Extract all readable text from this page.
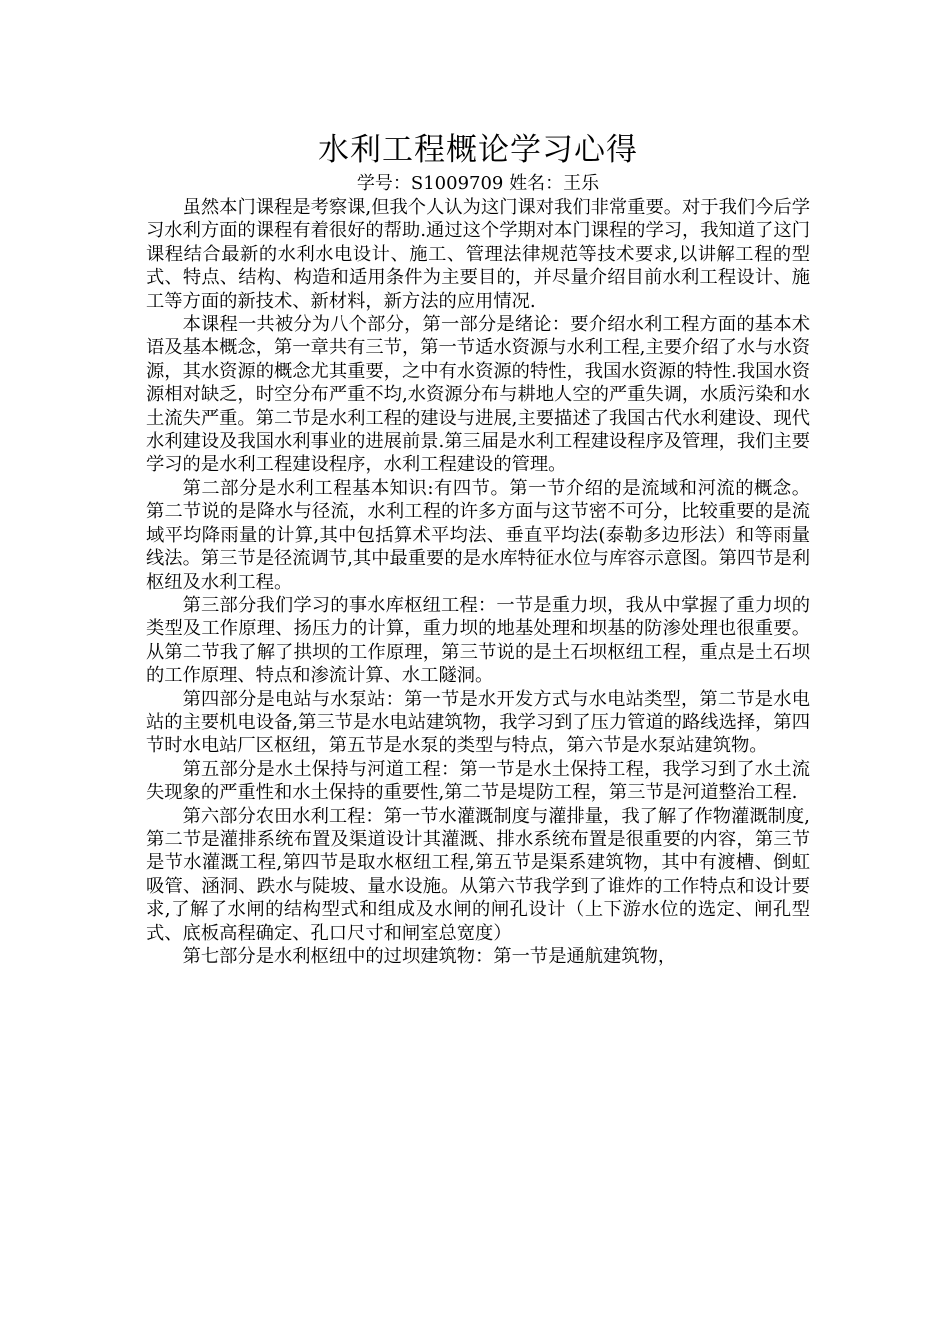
水利工程概论学习心得

学号：S1009709 姓名：王乐

虽然本门课程是考察课,但我个人认为这门课对我们非常重要。对于我们今后学习水利方面的课程有着很好的帮助.通过这个学期对本门课程的学习，我知道了这门课程结合最新的水利水电设计、施工、管理法律规范等技术要求,以讲解工程的型式、特点、结构、构造和适用条件为主要目的，并尽量介绍目前水利工程设计、施工等方面的新技术、新材料，新方法的应用情况.

本课程一共被分为八个部分，第一部分是绪论：要介绍水利工程方面的基本术语及基本概念，第一章共有三节，第一节适水资源与水利工程,主要介绍了水与水资源，其水资源的概念尤其重要，之中有水资源的特性，我国水资源的特性.我国水资源相对缺乏，时空分布严重不均,水资源分布与耕地人空的严重失调，水质污染和水土流失严重。第二节是水利工程的建设与进展,主要描述了我国古代水利建设、现代水利建设及我国水利事业的进展前景.第三届是水利工程建设程序及管理，我们主要学习的是水利工程建设程序，水利工程建设的管理。

第二部分是水利工程基本知识:有四节。第一节介绍的是流域和河流的概念。第二节说的是降水与径流，水利工程的许多方面与这节密不可分，比较重要的是流域平均降雨量的计算,其中包括算术平均法、垂直平均法(泰勒多边形法）和等雨量线法。第三节是径流调节,其中最重要的是水库特征水位与库容示意图。第四节是利枢纽及水利工程。

第三部分我们学习的事水库枢纽工程：一节是重力坝，我从中掌握了重力坝的类型及工作原理、扬压力的计算，重力坝的地基处理和坝基的防渗处理也很重要。从第二节我了解了拱坝的工作原理，第三节说的是土石坝枢纽工程，重点是土石坝的工作原理、特点和渗流计算、水工隧洞。

第四部分是电站与水泵站：第一节是水开发方式与水电站类型，第二节是水电站的主要机电设备,第三节是水电站建筑物，我学习到了压力管道的路线选择，第四节时水电站厂区枢纽，第五节是水泵的类型与特点，第六节是水泵站建筑物。

第五部分是水土保持与河道工程：第一节是水土保持工程，我学习到了水土流失现象的严重性和水土保持的重要性,第二节是堤防工程，第三节是河道整治工程.

第六部分农田水利工程：第一节水灌溉制度与灌排量，我了解了作物灌溉制度,第二节是灌排系统布置及渠道设计其灌溉、排水系统布置是很重要的内容，第三节是节水灌溉工程,第四节是取水枢纽工程,第五节是渠系建筑物，其中有渡槽、倒虹吸管、涵洞、跌水与陡坡、量水设施。从第六节我学到了谁炸的工作特点和设计要求,了解了水闸的结构型式和组成及水闸的闸孔设计（上下游水位的选定、闸孔型式、底板高程确定、孔口尺寸和闸室总宽度）

第七部分是水利枢纽中的过坝建筑物：第一节是通航建筑物，
